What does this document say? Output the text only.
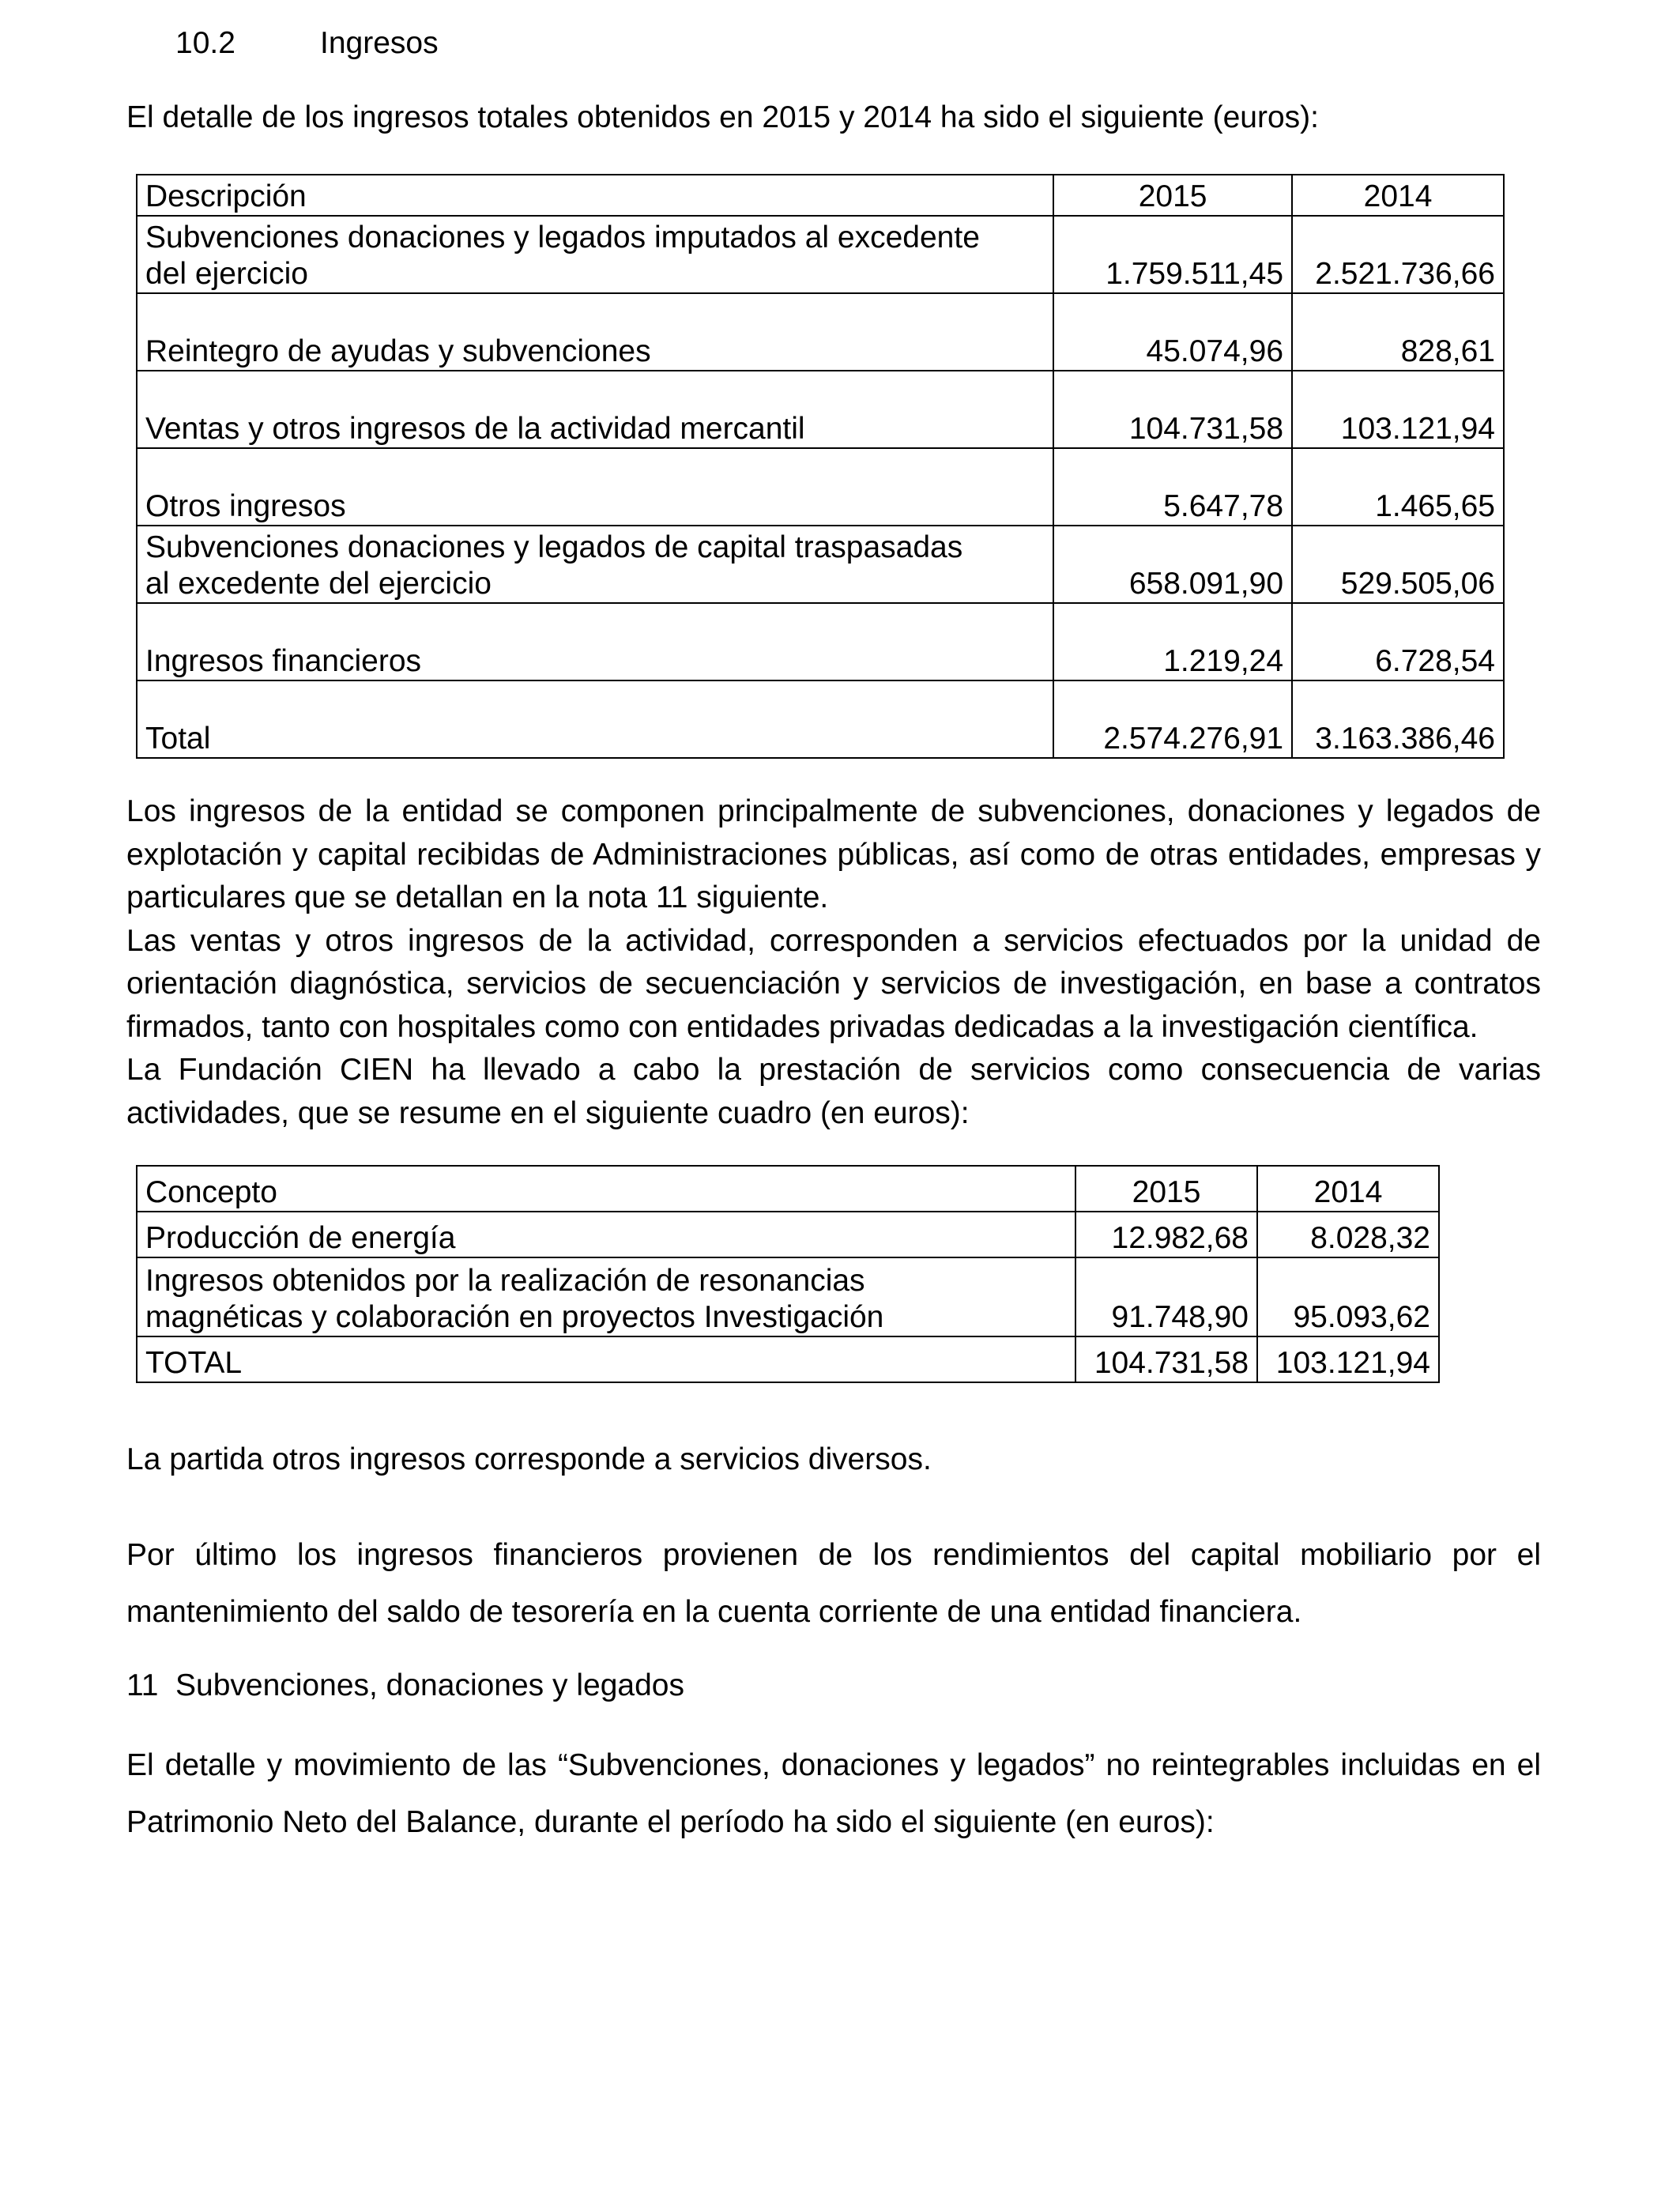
10.2	Ingresos
El detalle de los ingresos totales obtenidos en 2015 y 2014 ha sido el siguiente (euros):
Descripción	2015	2014

Subvenciones donaciones y legados imputados al excedente
del ejercicio	1.759.511,45	2.521.736,66

Reintegro de ayudas y subvenciones	45.074,96	828,61

Ventas y otros ingresos de la actividad mercantil	104.731,58	103.121,94

Otros ingresos	5.647,78	1.465,65

Subvenciones donaciones y legados de capital traspasadas
al excedente del ejercicio	658.091,90	529.505,06

Ingresos financieros	1.219,24	6.728,54

Total	2.574.276,91	3.163.386,46

Los ingresos de la entidad se componen principalmente de subvenciones, donaciones y legados de explotación y capital recibidas de Administraciones públicas, así como de otras entidades, empresas y particulares que se detallan en la nota 11 siguiente.

Las ventas y otros ingresos de la actividad, corresponden a servicios efectuados por la unidad de orientación diagnóstica, servicios de secuenciación y servicios de investigación, en base a contratos firmados, tanto con hospitales como con entidades privadas dedicadas a la investigación científica.

La Fundación CIEN ha llevado a cabo la prestación de servicios como consecuencia de varias actividades, que se resume en el siguiente cuadro (en euros):

Concepto	2015	2014

Producción de energía	12.982,68	8.028,32

Ingresos obtenidos por la realización de resonancias
magnéticas y colaboración en proyectos Investigación	91.748,90	95.093,62

TOTAL	104.731,58	103.121,94
La partida otros ingresos corresponde a servicios diversos.

Por último los ingresos financieros provienen de los rendimientos del capital mobiliario por el mantenimiento del saldo de tesorería en la cuenta corriente de una entidad financiera.

11 Subvenciones, donaciones y legados

El detalle y movimiento de las “Subvenciones, donaciones y legados” no reintegrables incluidas en el Patrimonio Neto del Balance, durante el período ha sido el siguiente (en euros):
